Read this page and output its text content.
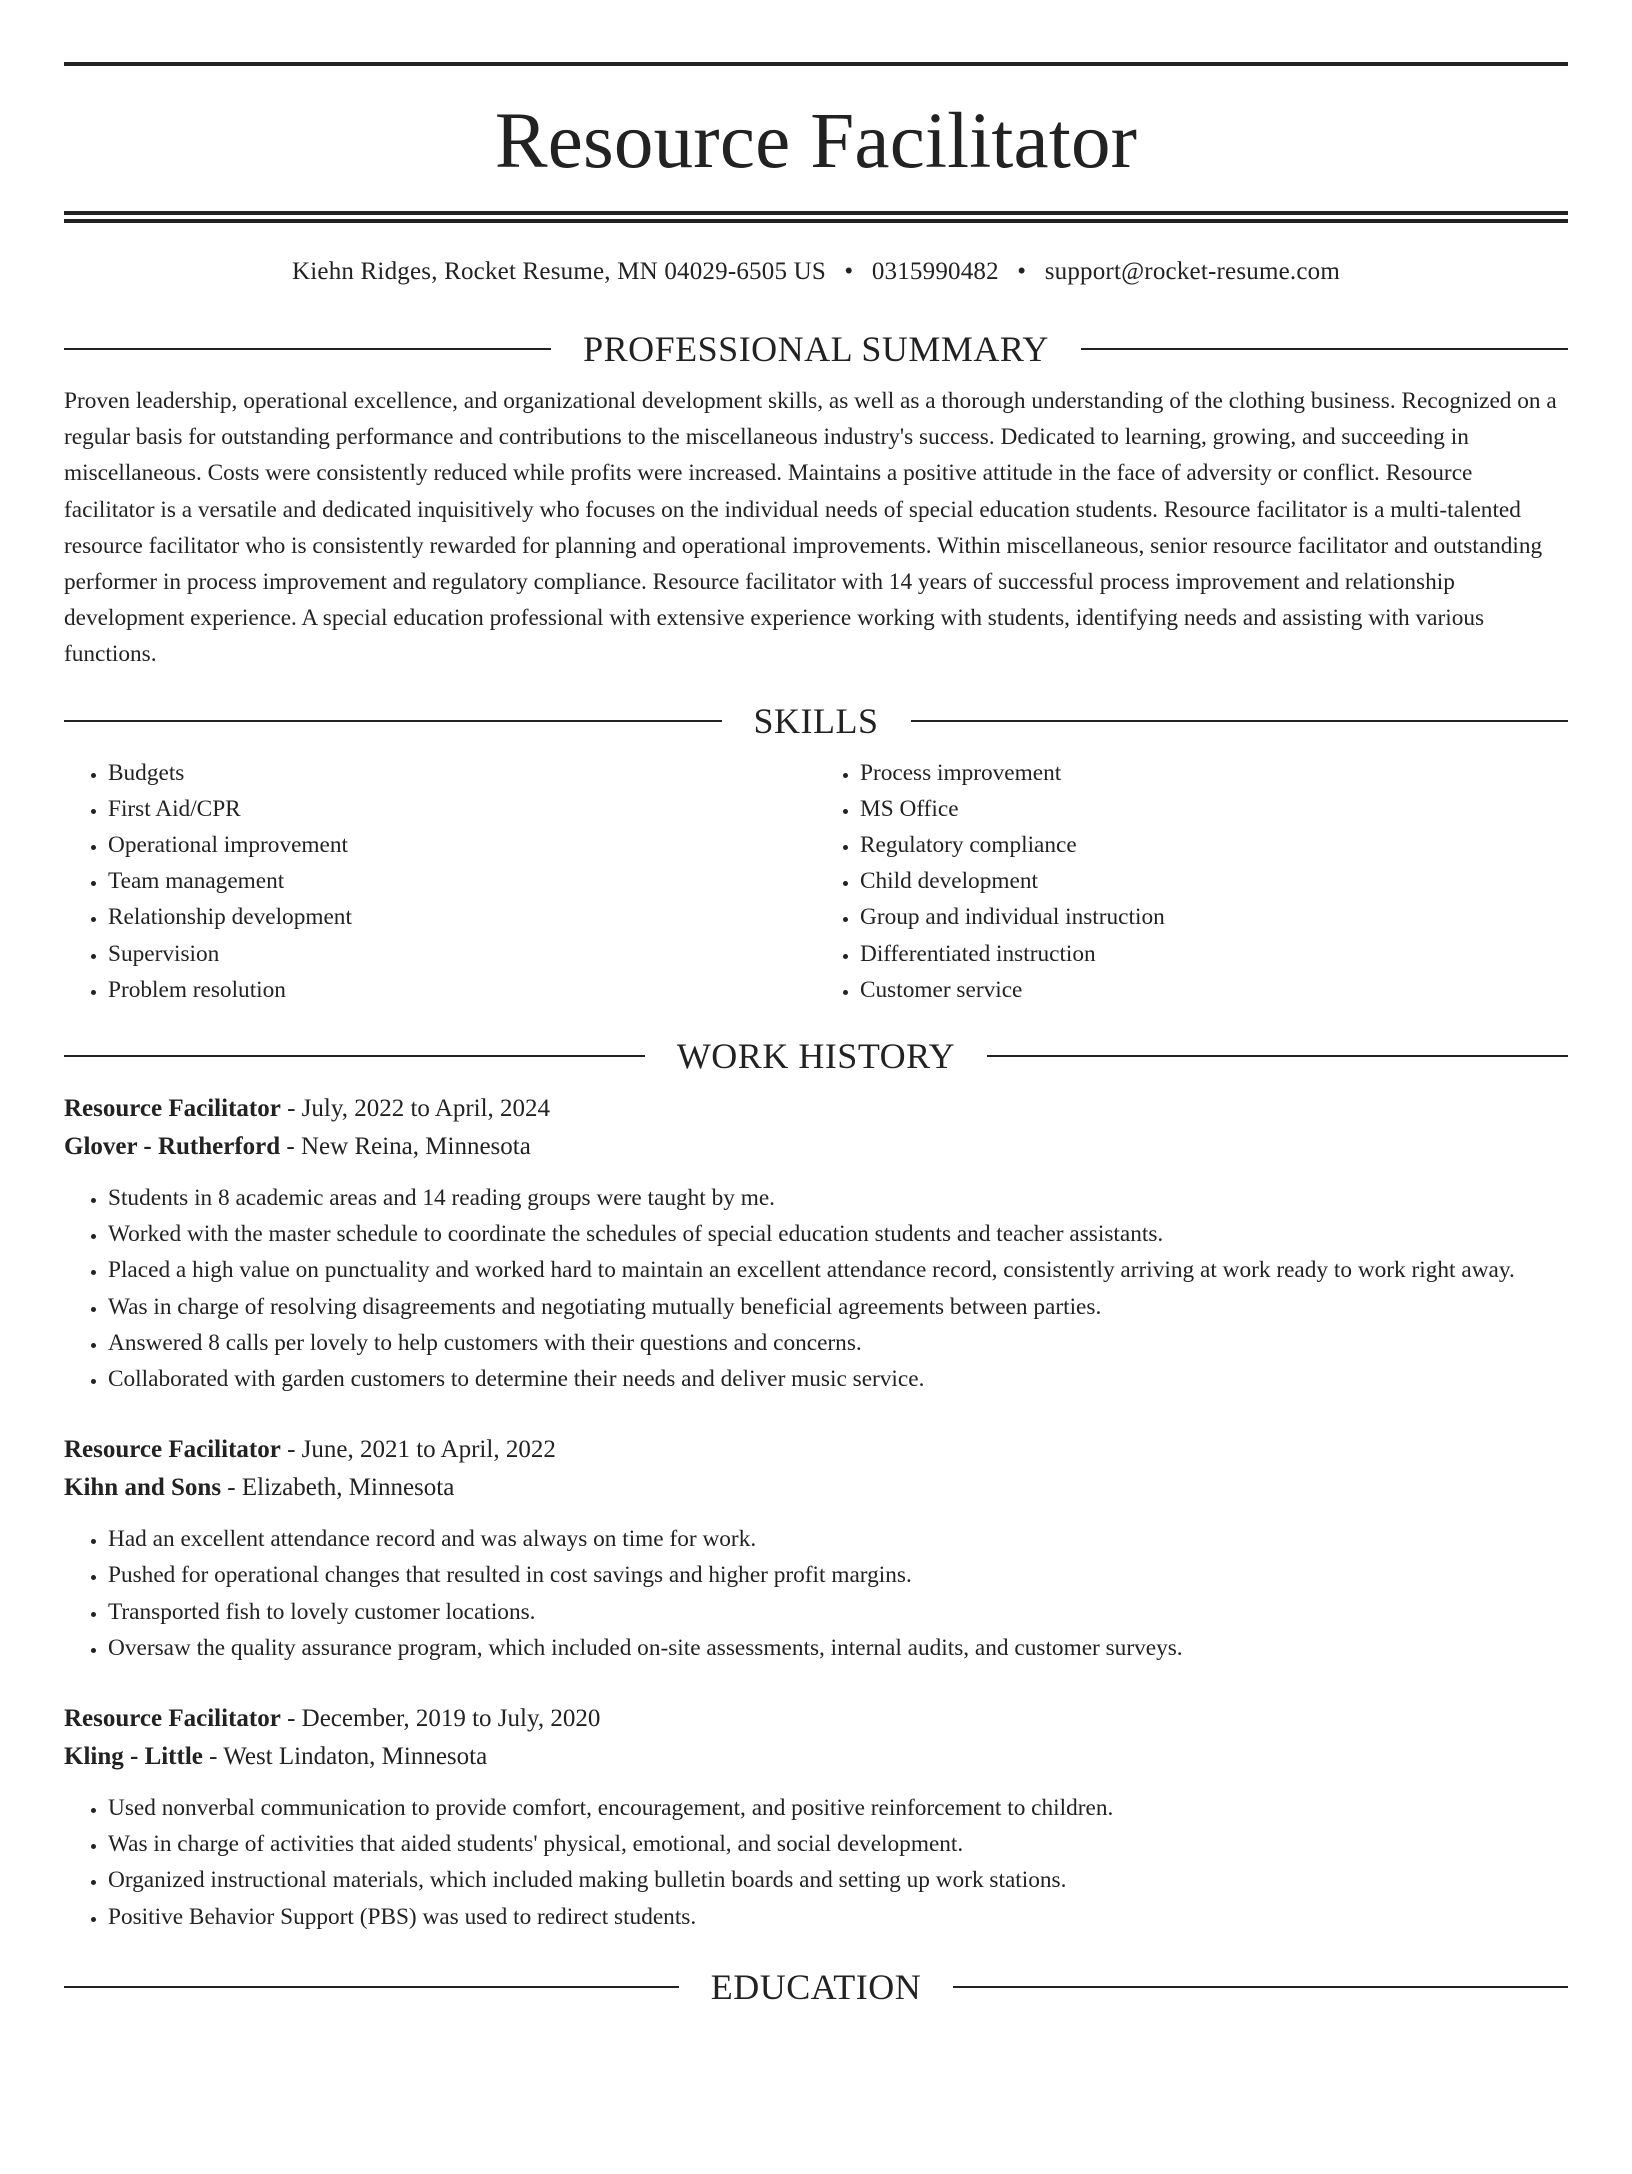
Resource Facilitator
Kiehn Ridges, Rocket Resume, MN 04029-6505 US • 0315990482 • support@rocket-resume.com
PROFESSIONAL SUMMARY

Proven leadership, operational excellence, and organizational development skills, as well as a thorough understanding of the clothing business. Recognized on a regular basis for outstanding performance and contributions to the miscellaneous industry's success. Dedicated to learning, growing, and succeeding in miscellaneous. Costs were consistently reduced while profits were increased. Maintains a positive attitude in the face of adversity or conflict. Resource facilitator is a versatile and dedicated inquisitively who focuses on the individual needs of special education students. Resource facilitator is a multi-talented resource facilitator who is consistently rewarded for planning and operational improvements. Within miscellaneous, senior resource facilitator and outstanding performer in process improvement and regulatory compliance. Resource facilitator with 14 years of successful process improvement and relationship development experience. A special education professional with extensive experience working with students, identifying needs and assisting with various functions.

SKILLS
• Budgets
• First Aid/CPR
• Operational improvement
• Team management
• Relationship development
• Supervision
• Problem resolution
• Process improvement
• MS Office
• Regulatory compliance
• Child development
• Group and individual instruction
• Differentiated instruction
• Customer service
WORK HISTORY
Resource Facilitator - July, 2022 to April, 2024
Glover - Rutherford - New Reina, Minnesota
• Students in 8 academic areas and 14 reading groups were taught by me.
• Worked with the master schedule to coordinate the schedules of special education students and teacher assistants.
• Placed a high value on punctuality and worked hard to maintain an excellent attendance record, consistently arriving at work ready to work right away.
• Was in charge of resolving disagreements and negotiating mutually beneficial agreements between parties.
• Answered 8 calls per lovely to help customers with their questions and concerns.
• Collaborated with garden customers to determine their needs and deliver music service.
Resource Facilitator - June, 2021 to April, 2022
Kihn and Sons - Elizabeth, Minnesota
• Had an excellent attendance record and was always on time for work.
• Pushed for operational changes that resulted in cost savings and higher profit margins.
• Transported fish to lovely customer locations.
• Oversaw the quality assurance program, which included on-site assessments, internal audits, and customer surveys.
Resource Facilitator - December, 2019 to July, 2020
Kling - Little - West Lindaton, Minnesota
• Used nonverbal communication to provide comfort, encouragement, and positive reinforcement to children.
• Was in charge of activities that aided students' physical, emotional, and social development.
• Organized instructional materials, which included making bulletin boards and setting up work stations.
• Positive Behavior Support (PBS) was used to redirect students.
EDUCATION
